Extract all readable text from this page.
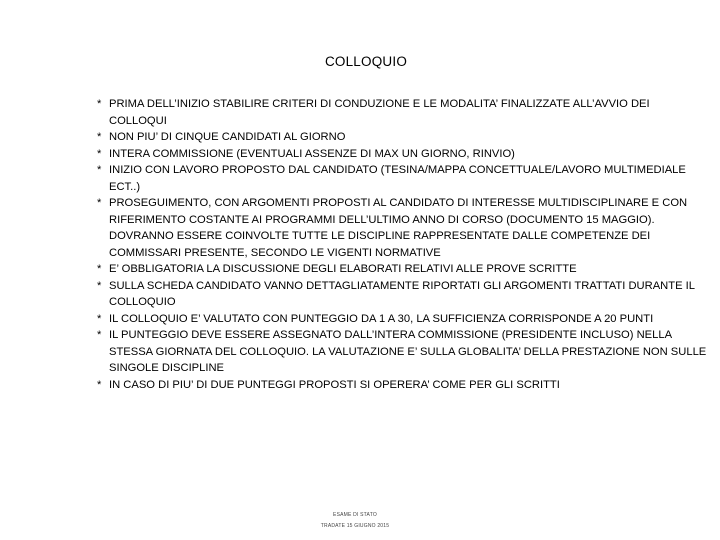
COLLOQUIO
* PRIMA DELL’INIZIO STABILIRE CRITERI DI CONDUZIONE E LE MODALITA’ FINALIZZATE ALL’AVVIO DEI COLLOQUI
* NON PIU’ DI CINQUE CANDIDATI AL GIORNO
* INTERA COMMISSIONE (EVENTUALI ASSENZE DI MAX UN GIORNO, RINVIO)
* INIZIO CON LAVORO PROPOSTO DAL CANDIDATO (TESINA/MAPPA CONCETTUALE/LAVORO MULTIMEDIALE ECT..)
* PROSEGUIMENTO, CON ARGOMENTI PROPOSTI AL CANDIDATO DI INTERESSE MULTIDISCIPLINARE E CON RIFERIMENTO COSTANTE AI PROGRAMMI DELL’ULTIMO ANNO DI CORSO (DOCUMENTO 15 MAGGIO). DOVRANNO ESSERE COINVOLTE TUTTE LE DISCIPLINE RAPPRESENTATE DALLE COMPETENZE DEI COMMISSARI PRESENTE, SECONDO LE VIGENTI NORMATIVE
* E’ OBBLIGATORIA LA DISCUSSIONE DEGLI ELABORATI RELATIVI ALLE PROVE SCRITTE
* SULLA SCHEDA CANDIDATO VANNO DETTAGLIATAMENTE RIPORTATI GLI ARGOMENTI TRATTATI DURANTE IL COLLOQUIO
* IL COLLOQUIO E’ VALUTATO CON PUNTEGGIO DA 1 A 30, LA SUFFICIENZA CORRISPONDE A 20 PUNTI
* IL PUNTEGGIO DEVE ESSERE ASSEGNATO DALL’INTERA COMMISSIONE (PRESIDENTE INCLUSO) NELLA STESSA GIORNATA DEL COLLOQUIO. LA VALUTAZIONE E’ SULLA GLOBALITA’ DELLA PRESTAZIONE NON SULLE SINGOLE DISCIPLINE
* IN CASO DI PIU’ DI DUE PUNTEGGI PROPOSTI SI OPERERA’ COME PER GLI SCRITTI
ESAME DI STATO
TRADATE 15 GIUGNO 2015
